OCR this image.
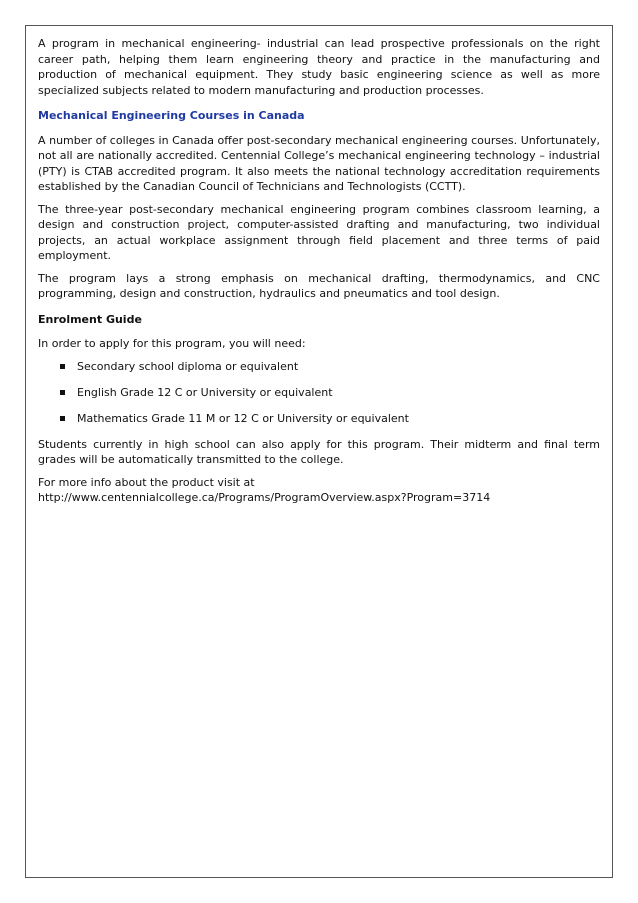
A program in mechanical engineering- industrial can lead prospective professionals on the right career path, helping them learn engineering theory and practice in the manufacturing and production of mechanical equipment. They study basic engineering science as well as more specialized subjects related to modern manufacturing and production processes.

Mechanical Engineering Courses in Canada

A number of colleges in Canada offer post-secondary mechanical engineering courses. Unfortunately, not all are nationally accredited. Centennial College’s mechanical engineering technology – industrial (PTY) is CTAB accredited program. It also meets the national technology accreditation requirements established by the Canadian Council of Technicians and Technologists (CCTT).

The three-year post-secondary mechanical engineering program combines classroom learning, a design and construction project, computer-assisted drafting and manufacturing, two individual projects, an actual workplace assignment through field placement and three terms of paid employment.

The program lays a strong emphasis on mechanical drafting, thermodynamics, and CNC programming, design and construction, hydraulics and pneumatics and tool design.

Enrolment Guide

In order to apply for this program, you will need:

Secondary school diploma or equivalent
English Grade 12 C or University or equivalent
Mathematics Grade 11 M or 12 C or University or equivalent

Students currently in high school can also apply for this program. Their midterm and final term grades will be automatically transmitted to the college.

For more info about the product visit at
http://www.centennialcollege.ca/Programs/ProgramOverview.aspx?Program=3714
